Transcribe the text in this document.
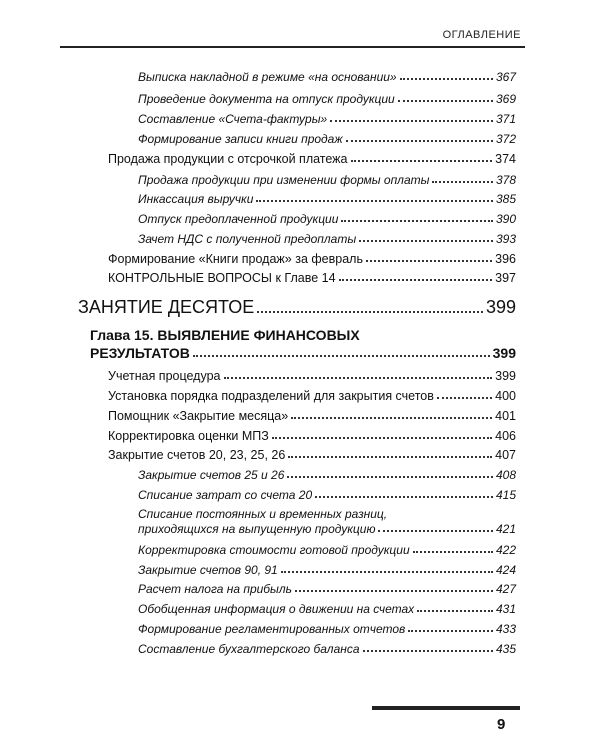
ОГЛАВЛЕНИЕ
Выписка накладной в режиме «на основании»	367
Проведение документа на отпуск продукции	369
Составление «Счета-фактуры»	371
Формирование записи книги продаж	372
Продажа продукции с отсрочкой платежа	374
Продажа продукции при изменении формы оплаты	378
Инкассация выручки	385
Отпуск предоплаченной продукции	390
Зачет НДС с полученной предоплаты	393
Формирование «Книги продаж» за февраль	396
КОНТРОЛЬНЫЕ ВОПРОСЫ к Главе 14	397
ЗАНЯТИЕ ДЕСЯТОЕ	399
Глава 15. ВЫЯВЛЕНИЕ ФИНАНСОВЫХ
РЕЗУЛЬТАТОВ	399
Учетная процедура	399
Установка порядка подразделений для закрытия счетов	400
Помощник «Закрытие месяца»	401
Корректировка оценки МПЗ	406
Закрытие счетов 20, 23, 25, 26	407
Закрытие счетов 25 и 26	408
Списание затрат со счета 20	415
Списание постоянных и временных разниц,
приходящихся на выпущенную продукцию	421
Корректировка стоимости готовой продукции	422
Закрытие счетов 90, 91	424
Расчет налога на прибыль	427
Обобщенная информация о движении на счетах	431
Формирование регламентированных отчетов	433
Составление бухгалтерского баланса	435
9
